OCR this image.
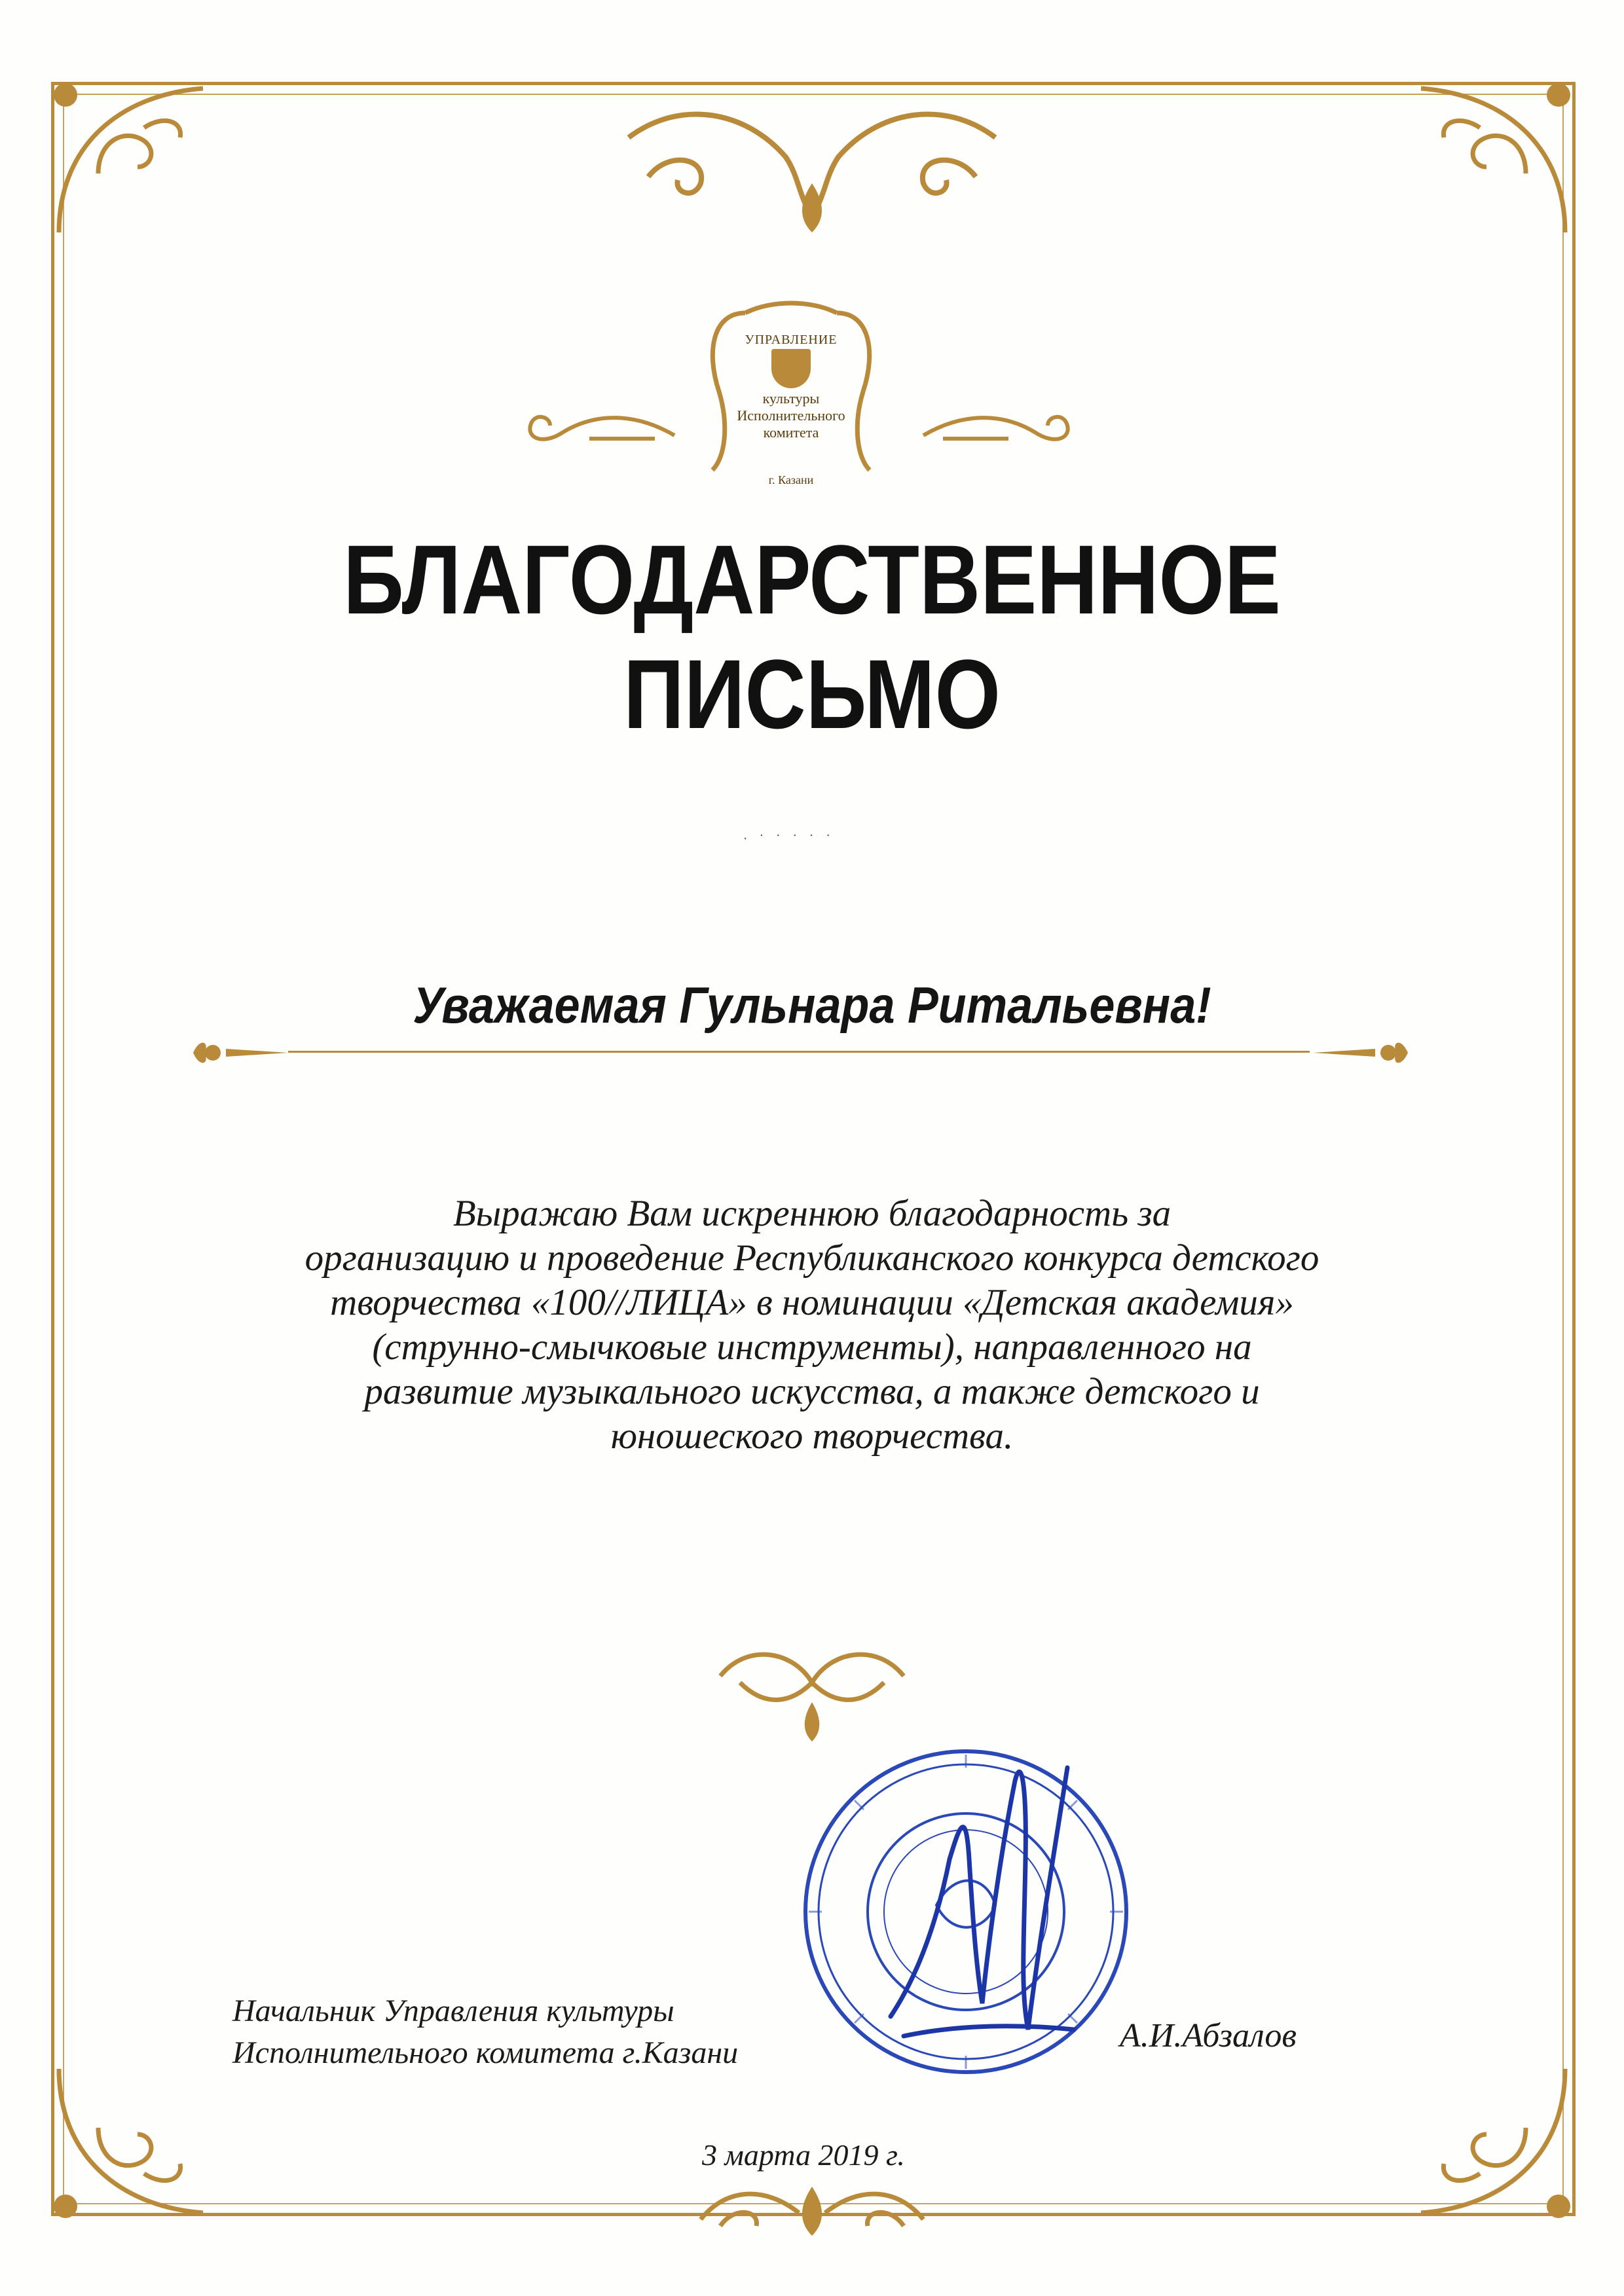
УПРАВЛЕНИЕ
культуры
Исполнительного
комитета
г. Казани
БЛАГОДАРСТВЕННОЕ
ПИСЬМО
. · · · · ·
Уважаемая Гульнара Ритальевна!
Выражаю Вам искреннюю благодарность за
организацию и проведение Республиканского конкурса детского
творчества «100//ЛИЦА» в номинации «Детская академия»
(струнно-смычковые инструменты), направленного на
развитие музыкального искусства, а также детского и
юношеского творчества.
Начальник Управления культуры
Исполнительного комитета г.Казани	А.И.Абзалов
3 марта 2019 г.
